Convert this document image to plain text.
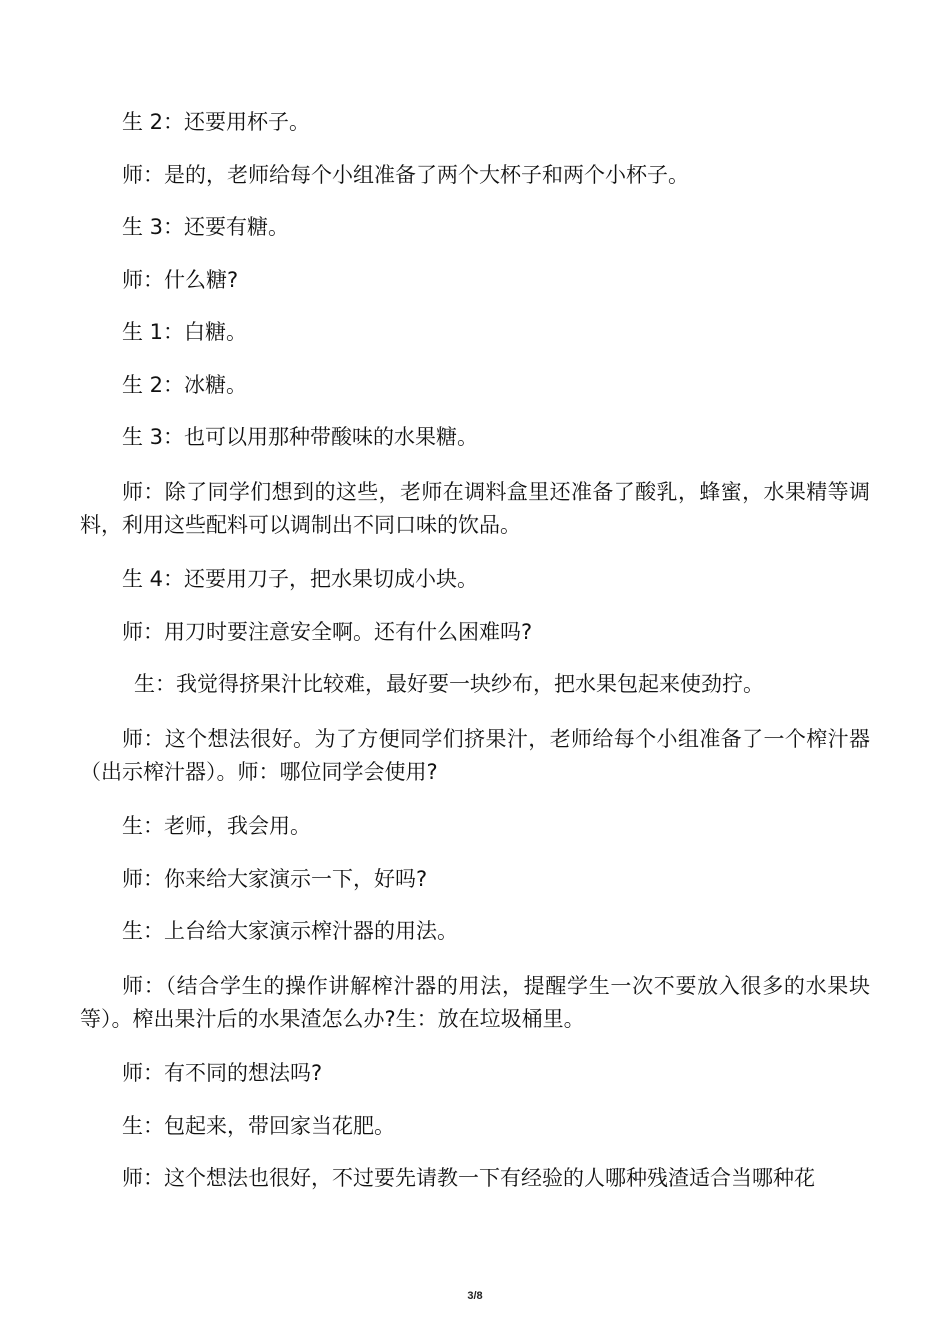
生 2：还要用杯子。

师：是的，老师给每个小组准备了两个大杯子和两个小杯子。

生 3：还要有糖。

师：什么糖?

生 1：白糖。

生 2：冰糖。

生 3：也可以用那种带酸味的水果糖。

师：除了同学们想到的这些，老师在调料盒里还准备了酸乳，蜂蜜，水果精等调料，利用这些配料可以调制出不同口味的饮品。

生 4：还要用刀子，把水果切成小块。

师：用刀时要注意安全啊。还有什么困难吗?

生：我觉得挤果汁比较难，最好要一块纱布，把水果包起来使劲拧。

师：这个想法很好。为了方便同学们挤果汁，老师给每个小组准备了一个榨汁器（出示榨汁器）。师：哪位同学会使用?

生：老师，我会用。

师：你来给大家演示一下，好吗?

生：上台给大家演示榨汁器的用法。

师：（结合学生的操作讲解榨汁器的用法，提醒学生一次不要放入很多的水果块等）。榨出果汁后的水果渣怎么办?生：放在垃圾桶里。

师：有不同的想法吗?

生：包起来，带回家当花肥。

师：这个想法也很好，不过要先请教一下有经验的人哪种残渣适合当哪种花

3/8
